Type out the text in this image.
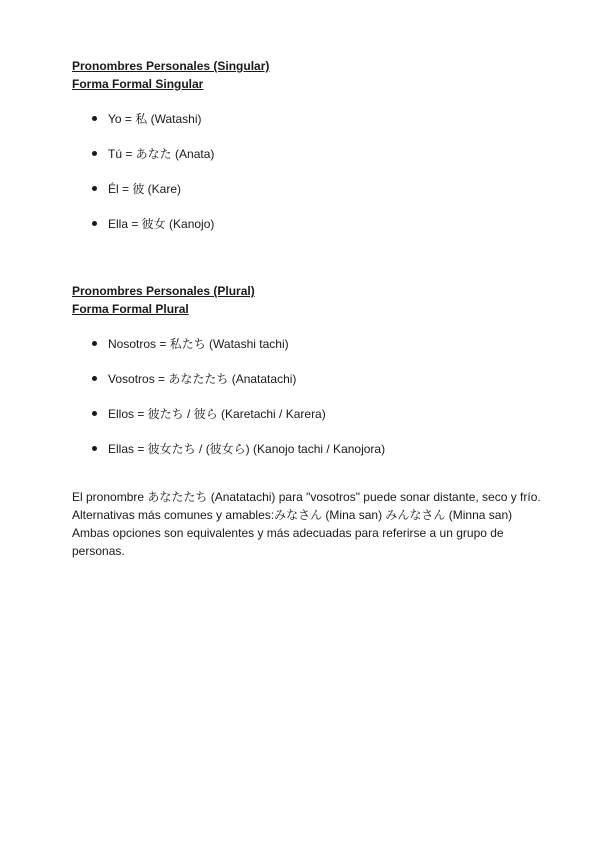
Pronombres Personales (Singular)

Forma Formal Singular

Yo = 私 (Watashi)
Tú = あなた (Anata)
Él = 彼 (Kare)
Ella = 彼女 (Kanojo)

Pronombres Personales (Plural)

Forma Formal Plural

Nosotros = 私たち (Watashi tachi)
Vosotros = あなたたち (Anatatachi)
Ellos = 彼たち / 彼ら (Karetachi / Karera)
Ellas = 彼女たち / (彼女ら) (Kanojo tachi / Kanojora)

El pronombre あなたたち (Anatatachi) para "vosotros" puede sonar distante, seco y frío. Alternativas más comunes y amables:みなさん (Mina san) みんなさん (Minna san) Ambas opciones son equivalentes y más adecuadas para referirse a un grupo de personas.
